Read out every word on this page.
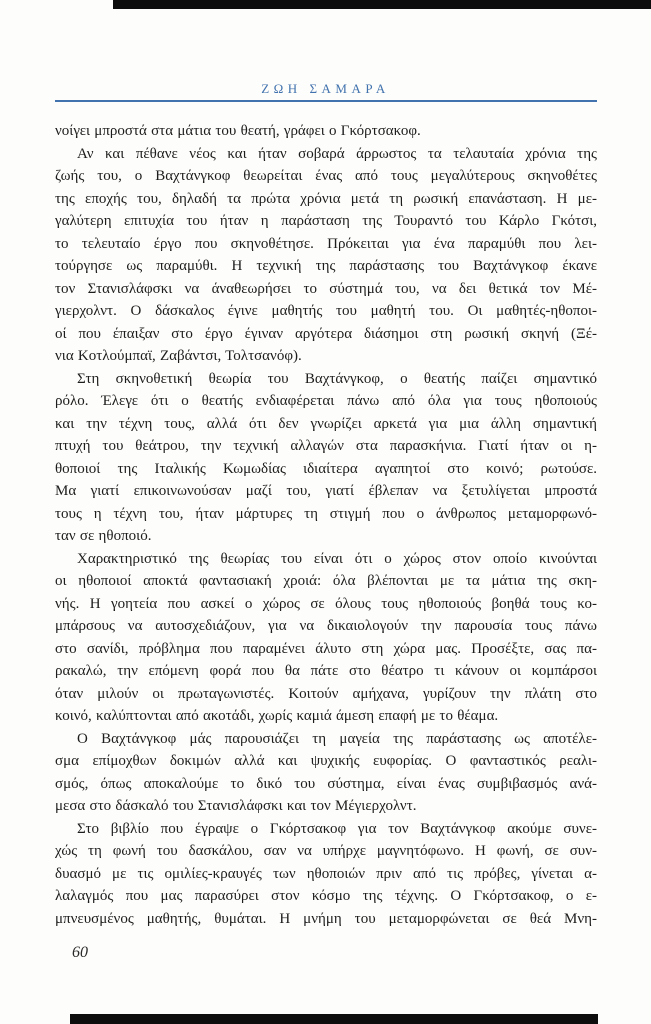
ΖΩΗ ΣΑΜΑΡΑ
νοίγει μπροστά στα μάτια του θεατή, γράφει ο Γκόρτσακοφ.
Αν και πέθανε νέος και ήταν σοβαρά άρρωστος τα τελαυταία χρόνια της
ζωής του, ο Βαχτάνγκοφ θεωρείται ένας από τους μεγαλύτερους σκηνοθέτες
της εποχής του, δηλαδή τα πρώτα χρόνια μετά τη ρωσική επανάσταση. Η με-
γαλύτερη επιτυχία του ήταν η παράσταση της Τουραντό του Κάρλο Γκότσι,
το τελευταίο έργο που σκηνοθέτησε. Πρόκειται για ένα παραμύθι που λει-
τούργησε ως παραμύθι. Η τεχνική της παράστασης του Βαχτάνγκοφ έκανε
τον Στανισλάφσκι να άναθεωρήσει το σύστημά του, να δει θετικά τον Μέ-
γιερχολντ. Ο δάσκαλος έγινε μαθητής του μαθητή του. Οι μαθητές-ηθοποι-
οί που έπαιξαν στο έργο έγιναν αργότερα διάσημοι στη ρωσική σκηνή (Ξέ-
νια Κοτλούμπαϊ, Ζαβάντσι, Τολτσανόφ).
Στη σκηνοθετική θεωρία του Βαχτάνγκοφ, ο θεατής παίζει σημαντικό
ρόλο. Έλεγε ότι ο θεατής ενδιαφέρεται πάνω από όλα για τους ηθοποιούς
και την τέχνη τους, αλλά ότι δεν γνωρίζει αρκετά για μια άλλη σημαντική
πτυχή του θεάτρου, την τεχνική αλλαγών στα παρασκήνια. Γιατί ήταν οι η-
θοποιοί της Ιταλικής Κωμωδίας ιδιαίτερα αγαπητοί στο κοινό; ρωτούσε.
Μα γιατί επικοινωνούσαν μαζί του, γιατί έβλεπαν να ξετυλίγεται μπροστά
τους η τέχνη του, ήταν μάρτυρες τη στιγμή που ο άνθρωπος μεταμορφωνό-
ταν σε ηθοποιό.
Χαρακτηριστικό της θεωρίας του είναι ότι ο χώρος στον οποίο κινούνται
οι ηθοποιοί αποκτά φαντασιακή χροιά: όλα βλέπονται με τα μάτια της σκη-
νής. Η γοητεία που ασκεί ο χώρος σε όλους τους ηθοποιούς βοηθά τους κο-
μπάρσους να αυτοσχεδιάζουν, για να δικαιολογούν την παρουσία τους πάνω
στο σανίδι, πρόβλημα που παραμένει άλυτο στη χώρα μας. Προσέξτε, σας πα-
ρακαλώ, την επόμενη φορά που θα πάτε στο θέατρο τι κάνουν οι κομπάρσοι
όταν μιλούν οι πρωταγωνιστές. Κοιτούν αμήχανα, γυρίζουν την πλάτη στο
κοινό, καλύπτονται από ακοτάδι, χωρίς καμιά άμεση επαφή με το θέαμα.
Ο Βαχτάνγκοφ μάς παρουσιάζει τη μαγεία της παράστασης ως αποτέλε-
σμα επίμοχθων δοκιμών αλλά και ψυχικής ευφορίας. Ο φανταστικός ρεαλι-
σμός, όπως αποκαλούμε το δικό του σύστημα, είναι ένας συμβιβασμός ανά-
μεσα στο δάσκαλό του Στανισλάφσκι και τον Μέγιερχολντ.
Στο βιβλίο που έγραψε ο Γκόρτσακοφ για τον Βαχτάνγκοφ ακούμε συνε-
χώς τη φωνή του δασκάλου, σαν να υπήρχε μαγνητόφωνο. Η φωνή, σε συν-
δυασμό με τις ομιλίες-κραυγές των ηθοποιών πριν από τις πρόβες, γίνεται α-
λαλαγμός που μας παρασύρει στον κόσμο της τέχνης. Ο Γκόρτσακοφ, ο ε-
μπνευσμένος μαθητής, θυμάται. Η μνήμη του μεταμορφώνεται σε θεά Μνη-
60
